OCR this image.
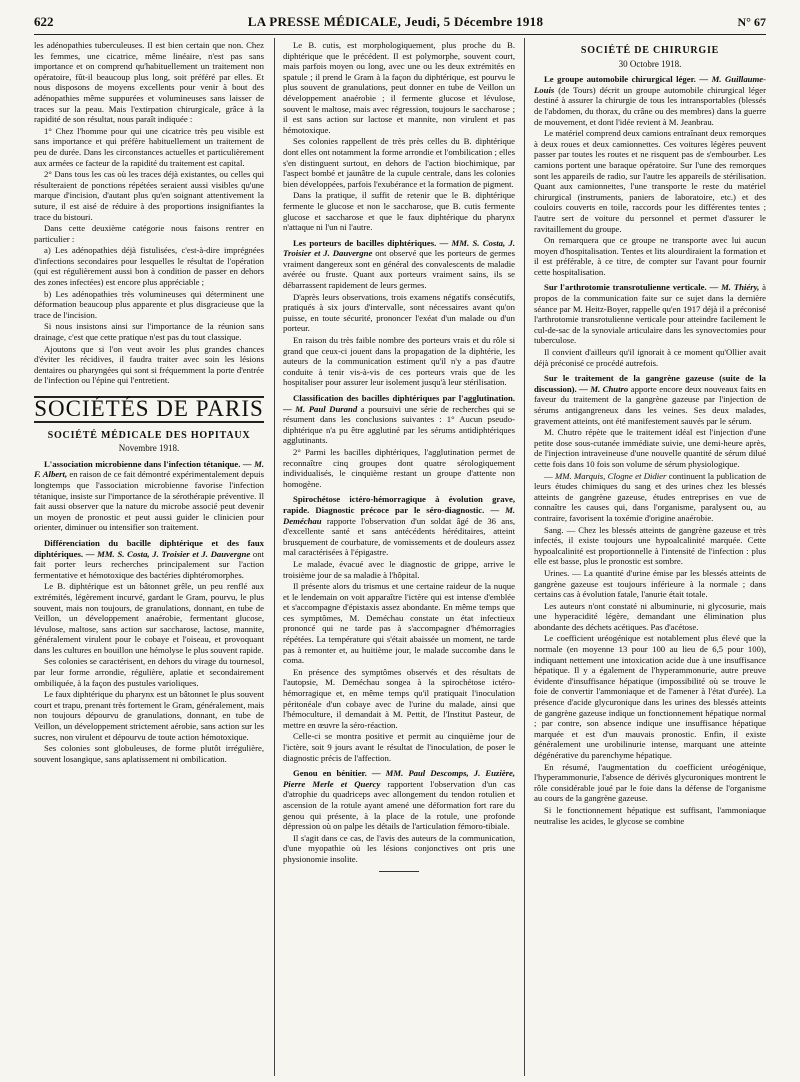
622	LA PRESSE MÉDICALE, Jeudi, 5 Décembre 1918	N° 67

les adénopathies tuberculeuses. Il est bien certain que non. Chez les femmes, une cicatrice, même linéaire, n'est pas sans importance et on comprend qu'habituellement un traitement non opératoire, fût-il beaucoup plus long, soit préféré par elles. Et nous disposons de moyens excellents pour venir à bout des adénopathies même suppurées et volumineuses sans laisser de traces sur la peau. Mais l'extirpation chirurgicale, grâce à la rapidité de son résultat, nous paraît indiquée :

1° Chez l'homme pour qui une cicatrice très peu visible est sans importance et qui préfère habituellement un traitement de peu de durée. Dans les circonstances actuelles et particulièrement aux armées ce facteur de la rapidité du traitement est capital.

2° Dans tous les cas où les traces déjà existantes, ou celles qui résulteraient de ponctions répétées seraient aussi visibles qu'une marque d'incision, d'autant plus qu'en soignant attentivement la suture, il est aisé de réduire à des proportions insignifiantes la trace du bistouri.

Dans cette deuxième catégorie nous faisons rentrer en particulier :

a) Les adénopathies déjà fistulisées, c'est-à-dire imprégnées d'infections secondaires pour lesquelles le résultat de l'opération (qui est régulièrement aussi bon à condition de passer en dehors des zones infectées) est encore plus appréciable ;

b) Les adénopathies très volumineuses qui déterminent une déformation beaucoup plus apparente et plus disgracieuse que la trace de l'incision.

Si nous insistons ainsi sur l'importance de la réunion sans drainage, c'est que cette pratique n'est pas du tout classique.

Ajoutons que si l'on veut avoir les plus grandes chances d'éviter les récidives, il faudra traiter avec soin les lésions dentaires ou pharyngées qui sont si fréquemment la porte d'entrée de l'infection ou l'épine qui l'entretient.

SOCIÉTÉS DE PARIS
SOCIÉTÉ MÉDICALE DES HOPITAUX
Novembre 1918.

L'association microbienne dans l'infection tétanique. — M. F. Albert, en raison de ce fait démontré expérimentalement depuis longtemps que l'association microbienne favorise l'infection tétanique, insiste sur l'importance de la sérothérapie préventive. Il fait aussi observer que la nature du microbe associé peut devenir un moyen de pronostic et peut aussi guider le clinicien pour orienter, diminuer ou intensifier son traitement.

Différenciation du bacille diphtérique et des faux diphtériques. — MM. S. Costa, J. Troisier et J. Dauvergne ont fait porter leurs recherches principalement sur l'action fermentative et hémotoxique des bactéries diphtéromorphes.

Le B. diphtérique est un bâtonnet grêle, un peu renflé aux extrémités, légèrement incurvé, gardant le Gram, pourvu, le plus souvent, mais non toujours, de granulations, donnant, en tube de Veillon, un développement anaérobie, fermentant glucose, lévulose, maltose, sans action sur saccharose, lactose, mannite, généralement virulent pour le cobaye et l'oiseau, et provoquant dans les cultures en bouillon une hémolyse le plus souvent rapide.

Ses colonies se caractérisent, en dehors du virage du tournesol, par leur forme arrondie, régulière, aplatie et secondairement ombiliquée, à la façon des pustules varioliques.

Le faux diphtérique du pharynx est un bâtonnet le plus souvent court et trapu, prenant très fortement le Gram, généralement, mais non toujours dépourvu de granulations, donnant, en tube de Veillon, un développement strictement aérobie, sans action sur les sucres, non virulent et dépourvu de toute action hémotoxique.

Ses colonies sont globuleuses, de forme plutôt irrégulière, souvent losangique, sans aplatissement ni ombilication.

Le B. cutis, est morphologiquement, plus proche du B. diphtérique que le précédent. Il est polymorphe, souvent court, mais parfois moyen ou long, avec une ou les deux extrémités en spatule ; il prend le Gram à la façon du diphtérique, est pourvu le plus souvent de granulations, peut donner en tube de Veillon un développement anaérobie ; il fermente glucose et lévulose, souvent le maltose, mais avec régression, toujours le saccharose ; il est sans action sur lactose et mannite, non virulent et pas hémotoxique.

Ses colonies rappellent de très près celles du B. diphtérique dont elles ont notamment la forme arrondie et l'ombilication ; elles s'en distinguent surtout, en dehors de l'action biochimique, par l'aspect bombé et jaunâtre de la cupule centrale, dans les colonies bien développées, parfois l'exubérance et la formation de pigment.

Dans la pratique, il suffit de retenir que le B. diphtérique fermente le glucose et non le saccharose, que B. cutis fermente glucose et saccharose et que le faux diphtérique du pharynx n'attaque ni l'un ni l'autre.

Les porteurs de bacilles diphtériques. — MM. S. Costa, J. Troisier et J. Dauvergne ont observé que les porteurs de germes vraiment dangereux sont en général des convalescents de maladie avérée ou fruste. Quant aux porteurs vraiment sains, ils se débarrassent rapidement de leurs germes.

D'après leurs observations, trois examens négatifs consécutifs, pratiqués à six jours d'intervalle, sont nécessaires avant qu'on puisse, en toute sécurité, prononcer l'exéat d'un malade ou d'un porteur.

En raison du très faible nombre des porteurs vrais et du rôle si grand que ceux-ci jouent dans la propagation de la diphtérie, les auteurs de la communication estiment qu'il n'y a pas d'autre conduite à tenir vis-à-vis de ces porteurs vrais que de les hospitaliser pour assurer leur isolement jusqu'à leur stérilisation.

Classification des bacilles diphtériques par l'agglutination. — M. Paul Durand a poursuivi une série de recherches qui se résument dans les conclusions suivantes : 1° Aucun pseudo-diphtérique n'a pu être agglutiné par les sérums antidiphtériques agglutinants.

2° Parmi les bacilles diphtériques, l'agglutination permet de reconnaître cinq groupes dont quatre sérologiquement individualisés, le cinquième restant un groupe d'attente non homogène.

Spirochétose ictéro-hémorragique à évolution grave, rapide. Diagnostic précoce par le séro-diagnostic. — M. Deméchau rapporte l'observation d'un soldat âgé de 36 ans, d'excellente santé et sans antécédents héréditaires, atteint brusquement de courbature, de vomissements et de douleurs assez mal caractérisées à l'épigastre.

Le malade, évacué avec le diagnostic de grippe, arrive le troisième jour de sa maladie à l'hôpital.

Il présente alors du trismus et une certaine raideur de la nuque et le lendemain on voit apparaître l'ictère qui est intense d'emblée et s'accompagne d'épistaxis assez abondante. En même temps que ces symptômes, M. Deméchau constate un état infectieux prononcé qui ne tarde pas à s'accompagner d'hémorragies répétées. La température qui s'était abaissée un moment, ne tarde pas à remonter et, au huitième jour, le malade succombe dans le coma.

En présence des symptômes observés et des résultats de l'autopsie, M. Deméchau songea à la spirochétose ictéro-hémorragique et, en même temps qu'il pratiquait l'inoculation péritonéale d'un cobaye avec de l'urine du malade, ainsi que l'hémoculture, il demandait à M. Pettit, de l'Institut Pasteur, de mettre en œuvre la séro-réaction.

Celle-ci se montra positive et permit au cinquième jour de l'ictère, soit 9 jours avant le résultat de l'inoculation, de poser le diagnostic précis de l'affection.

Genou en bénitier. — MM. Paul Descomps, J. Euzière, Pierre Merle et Quercy rapportent l'observation d'un cas d'atrophie du quadriceps avec allongement du tendon rotulien et ascension de la rotule ayant amené une déformation fort rare du genou qui présente, à la place de la rotule, une profonde dépression où on palpe les détails de l'articulation fémoro-tibiale.

Il s'agit dans ce cas, de l'avis des auteurs de la communication, d'une myopathie où les lésions conjonctives ont pris une physionomie insolite.

SOCIÉTÉ DE CHIRURGIE
30 Octobre 1918.

Le groupe automobile chirurgical léger. — M. Guillaume-Louis (de Tours) décrit un groupe automobile chirurgical léger destiné à assurer la chirurgie de tous les intransportables (blessés de l'abdomen, du thorax, du crâne ou des membres) dans la guerre de mouvement, et dont l'idée revient à M. Jeanbrau.

Le matériel comprend deux camions entraînant deux remorques à deux roues et deux camionnettes. Ces voitures légères peuvent passer par toutes les routes et ne risquent pas de s'embourber. Les camions portent une baraque opératoire. Sur l'une des remorques sont les appareils de radio, sur l'autre les appareils de stérilisation. Quant aux camionnettes, l'une transporte le reste du matériel chirurgical (instruments, paniers de laboratoire, etc.) et des couloirs couverts en toile, raccords pour les différentes tentes ; l'autre sert de voiture du personnel et permet d'assurer le ravitaillement du groupe.

On remarquera que ce groupe ne transporte avec lui aucun moyen d'hospitalisation. Tentes et lits alourdiraient la formation et il est préférable, à ce titre, de compter sur l'avant pour fournir cette hospitalisation.

Sur l'arthrotomie transrotulienne verticale. — M. Thiéry, à propos de la communication faite sur ce sujet dans la dernière séance par M. Heitz-Boyer, rappelle qu'en 1917 déjà il a préconisé l'arthrotomie transrotulienne verticale pour atteindre facilement le cul-de-sac de la synoviale articulaire dans les synovectomies pour tuberculose.

Il convient d'ailleurs qu'il ignorait à ce moment qu'Ollier avait déjà préconisé ce procédé autrefois.

Sur le traitement de la gangrène gazeuse (suite de la discussion). — M. Chutro apporte encore deux nouveaux faits en faveur du traitement de la gangrène gazeuse par l'injection de sérums antigangreneux dans les veines. Ses deux malades, gravement atteints, ont été manifestement sauvés par le sérum.

M. Chutro répète que le traitement idéal est l'injection d'une petite dose sous-cutanée immédiate suivie, une demi-heure après, de l'injection intraveineuse d'une nouvelle quantité de sérum dilué cette fois dans 10 fois son volume de sérum physiologique.

— MM. Marquis, Clogne et Didier continuent la publication de leurs études chimiques du sang et des urines chez les blessés atteints de gangrène gazeuse, études entreprises en vue de connaître les causes qui, dans l'organisme, paralysent ou, au contraire, favorisent la toxémie d'origine anaérobie.

Sang. — Chez les blessés atteints de gangrène gazeuse et très infectés, il existe toujours une hypoalcalinité marquée. Cette hypoalcalinité est proportionnelle à l'intensité de l'infection : plus elle est basse, plus le pronostic est sombre.

Urines. — La quantité d'urine émise par les blessés atteints de gangrène gazeuse est toujours inférieure à la normale ; dans certains cas à évolution fatale, l'anurie était totale.

Les auteurs n'ont constaté ni albuminurie, ni glycosurie, mais une hyperacidité légère, demandant une élimination plus abondante des déchets acétiques. Pas d'acétose.

Le coefficient uréogénique est notablement plus élevé que la normale (en moyenne 13 pour 100 au lieu de 6,5 pour 100), indiquant nettement une intoxication acide due à une insuffisance hépatique. Il y a également de l'hyperammonurie, autre preuve évidente d'insuffisance hépatique (impossibilité où se trouve le foie de convertir l'ammoniaque et de l'amener à l'état d'urée). La présence d'acide glycuronique dans les urines des blessés atteints de gangrène gazeuse indique un fonctionnement hépatique normal ; par contre, son absence indique une insuffisance hépatique marquée et est d'un mauvais pronostic. Enfin, il existe généralement une urobilinurie intense, marquant une atteinte dégénérative du parenchyme hépatique.

En résumé, l'augmentation du coefficient uréogénique, l'hyperammonurie, l'absence de dérivés glycuroniques montrent le rôle considérable joué par le foie dans la défense de l'organisme au cours de la gangrène gazeuse.

Si le fonctionnement hépatique est suffisant, l'ammoniaque neutralise les acides, le glycose se combine
